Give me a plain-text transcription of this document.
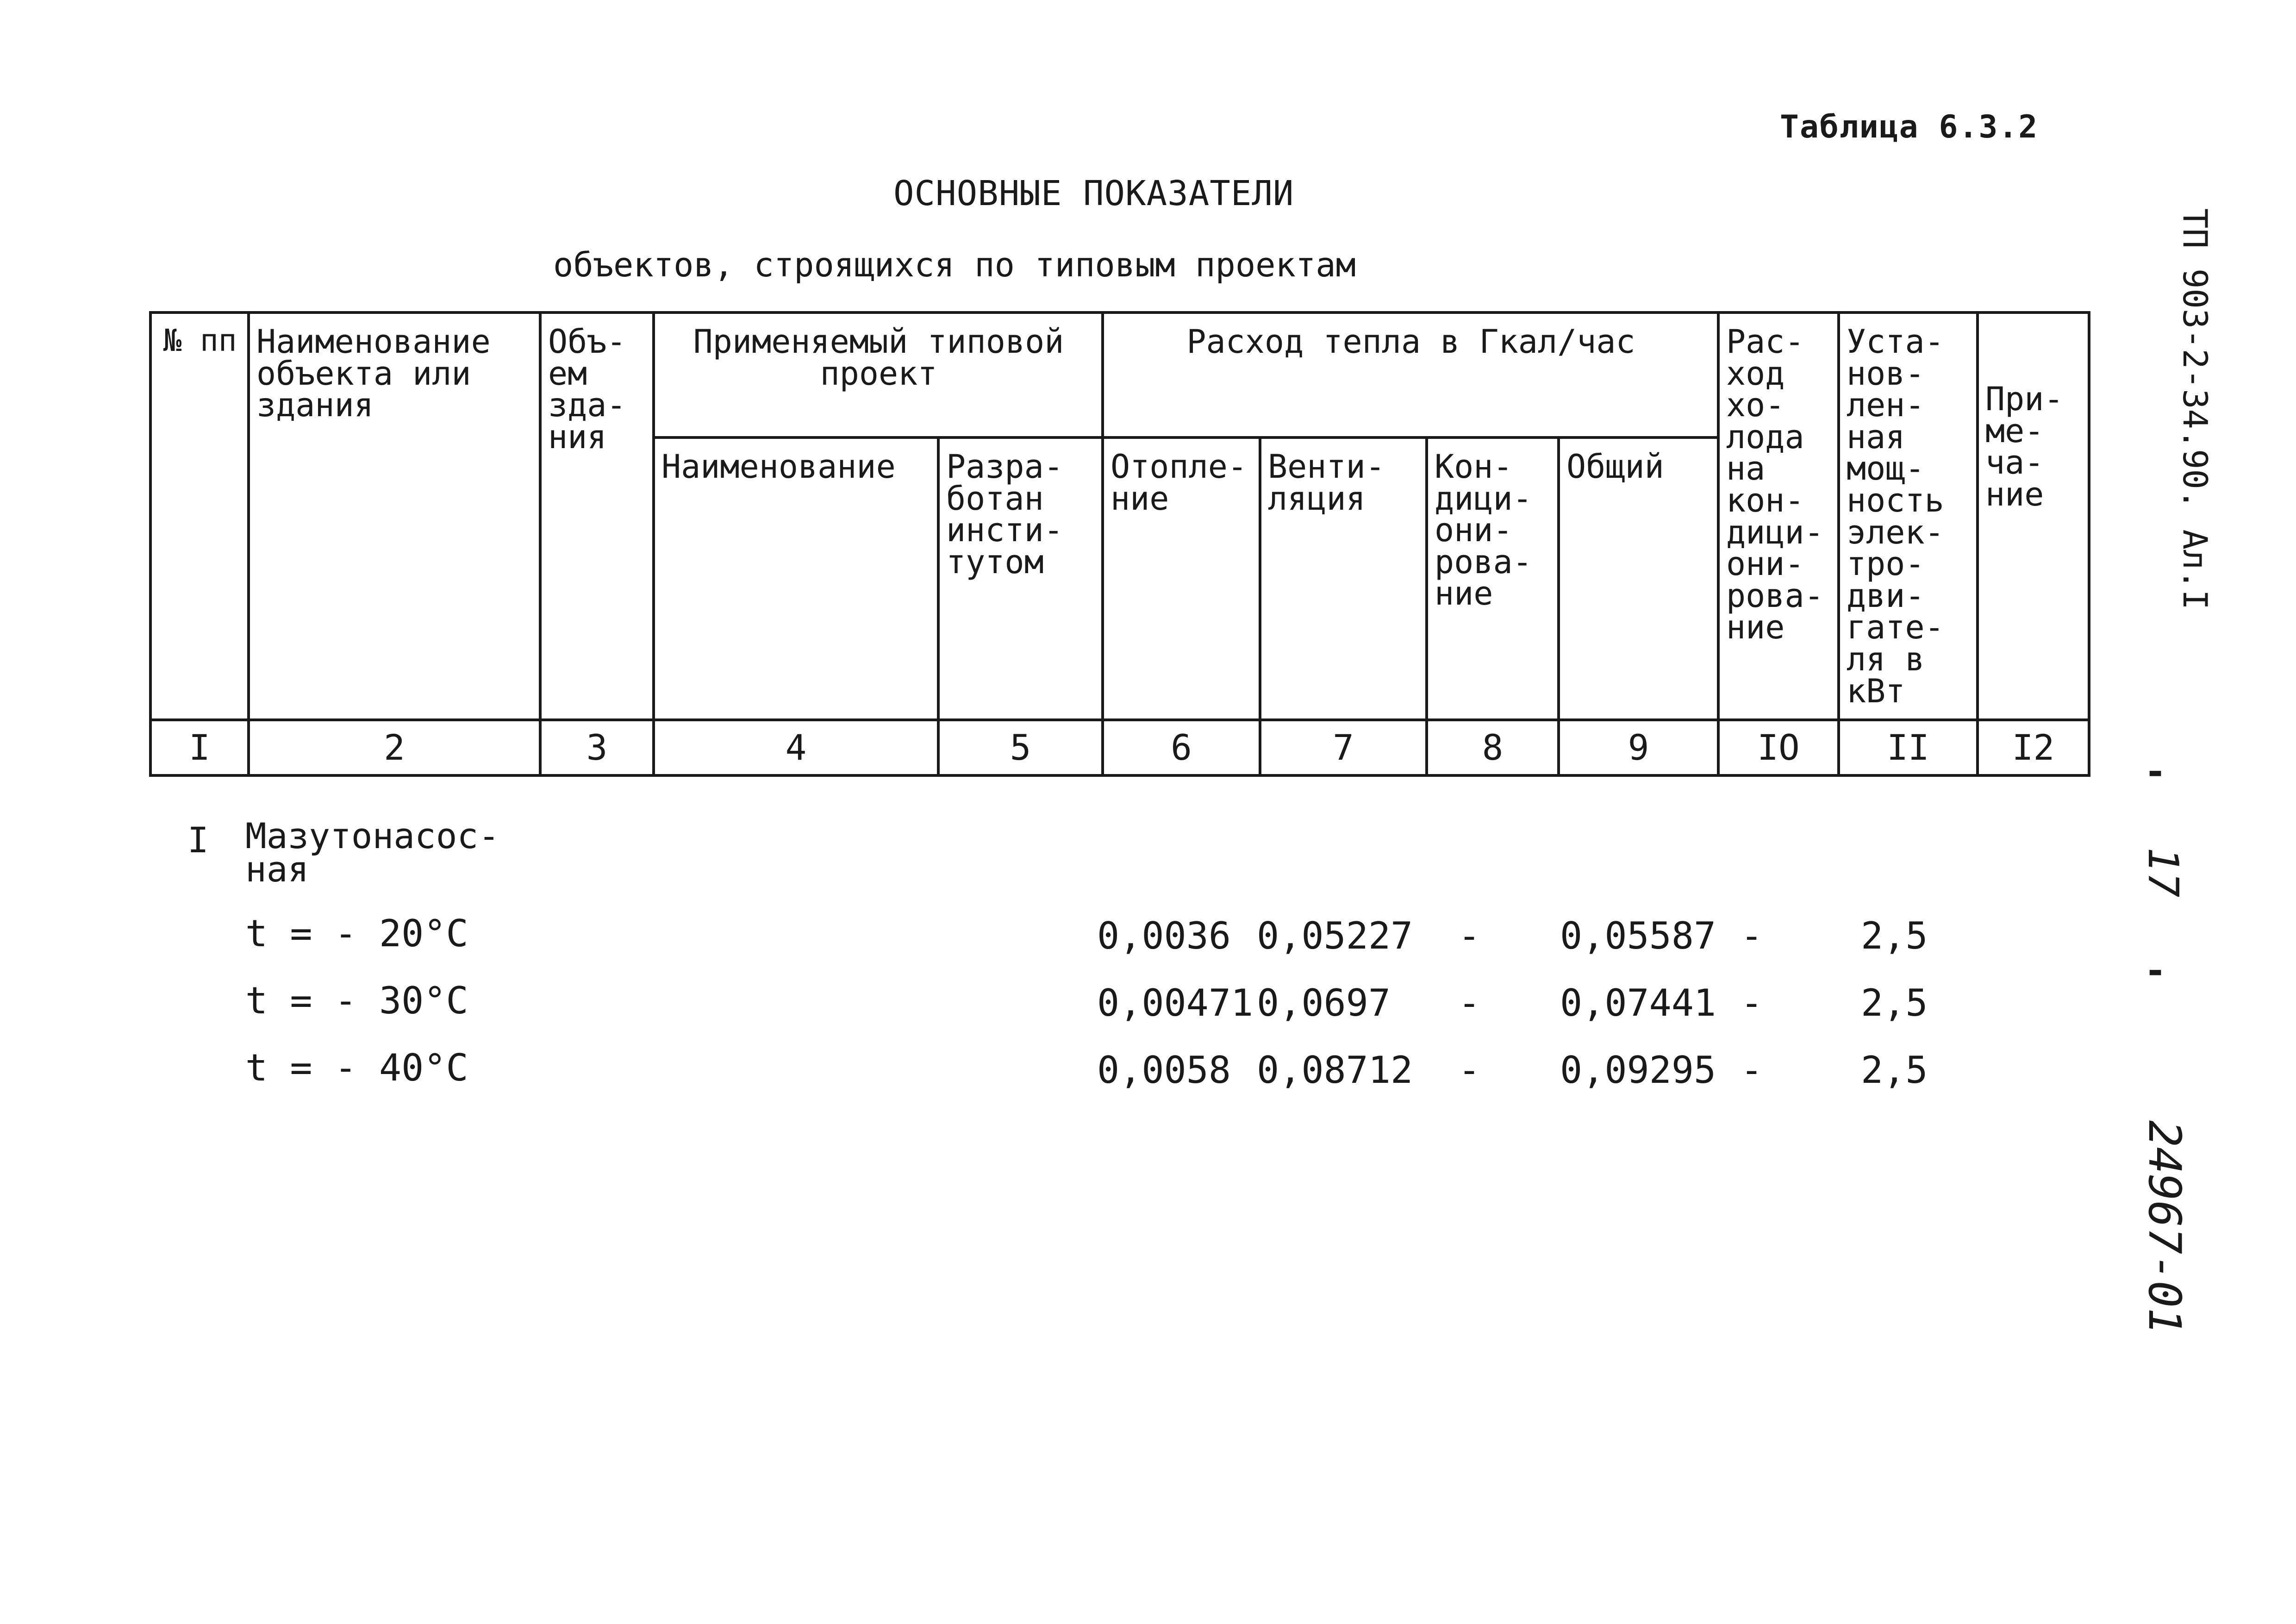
Таблица 6.3.2
ОСНОВНЫЕ ПОКАЗАТЕЛИ
объектов, строящихся по типовым проектам	ТП 903-2-34.90. Ал.I
-
17
-
24967-01
№ пп	Наименование объекта или здания	Объ-ем зда-ния	Применяемый типовой проект		Расход тепла в Гкал/час				Рас-ход хо-лода на кон-дици-они-рова-ние	Уста-нов-лен-ная мощ-ность элек-тро-дви-гате-ля в кВт	При-ме-ча-ние
			Наименование	Разра-ботан инсти-тутом	Отопле-ние	Венти-ляция	Кон-дици-они-рова-ние	Общий			
I	2	3	4	5	6	7	8	9	IO	II	I2
I Мазутонасос-ная
t = - 20°C	0,0036 0,05227 - 0,05587 -	2,5
t = - 30°C	0,00471 0,0697 - 0,07441 -	2,5
t = - 40°C	0,0058 0,08712 - 0,09295 -	2,5
